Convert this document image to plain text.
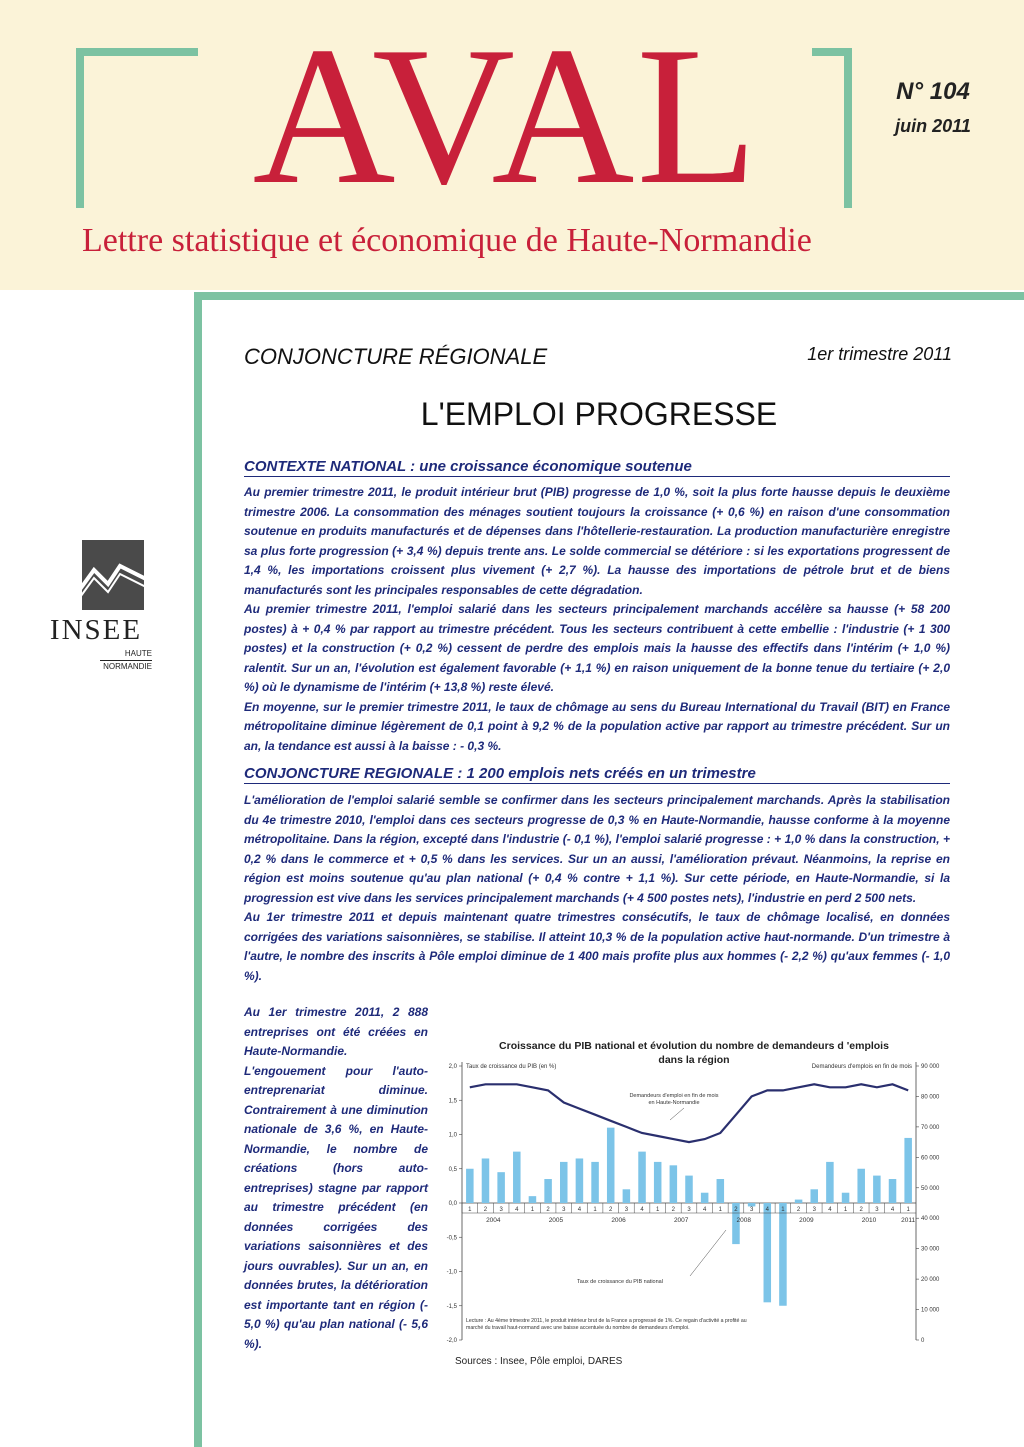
AVAL	N° 104
juin 2011
Lettre statistique et économique de Haute-Normandie
INSEE
HAUTE
NORMANDIE
CONJONCTURE RÉGIONALE	1er trimestre 2011
L'EMPLOI PROGRESSE
CONTEXTE NATIONAL : une croissance économique soutenue

Au premier trimestre 2011, le produit intérieur brut (PIB) progresse de 1,0 %, soit la plus forte hausse depuis le deuxième trimestre 2006. La consommation des ménages soutient toujours la croissance (+ 0,6 %) en raison d'une consommation soutenue en produits manufacturés et de dépenses dans l'hôtellerie-restauration. La production manufacturière enregistre sa plus forte progression (+ 3,4 %) depuis trente ans. Le solde commercial se détériore : si les exportations progressent de 1,4 %, les importations croissent plus vivement (+ 2,7 %). La hausse des importations de pétrole brut et de biens manufacturés sont les principales responsables de cette dégradation.

Au premier trimestre 2011, l'emploi salarié dans les secteurs principalement marchands accélère sa hausse (+ 58 200 postes) à + 0,4 % par rapport au trimestre précédent. Tous les secteurs contribuent à cette embellie : l'industrie (+ 1 300 postes) et la construction (+ 0,2 %) cessent de perdre des emplois mais la hausse des effectifs dans l'intérim (+ 1,0 %) ralentit. Sur un an, l'évolution est également favorable (+ 1,1 %) en raison uniquement de la bonne tenue du tertiaire (+ 2,0 %) où le dynamisme de l'intérim (+ 13,8 %) reste élevé.

En moyenne, sur le premier trimestre 2011, le taux de chômage au sens du Bureau International du Travail (BIT) en France métropolitaine diminue légèrement de 0,1 point à 9,2 % de la population active par rapport au trimestre précédent. Sur un an, la tendance est aussi à la baisse : - 0,3 %.

CONJONCTURE REGIONALE : 1 200 emplois nets créés en un trimestre

L'amélioration de l'emploi salarié semble se confirmer dans les secteurs principalement marchands. Après la stabilisation du 4e trimestre 2010, l'emploi dans ces secteurs progresse de 0,3 % en Haute-Normandie, hausse conforme à la moyenne métropolitaine. Dans la région, excepté dans l'industrie (- 0,1 %), l'emploi salarié progresse : + 1,0 % dans la construction, + 0,2 % dans le commerce et + 0,5 % dans les services. Sur un an aussi, l'amélioration prévaut. Néanmoins, la reprise en région est moins soutenue qu'au plan national (+ 0,4 % contre + 1,1 %). Sur cette période, en Haute-Normandie, si la progression est vive dans les services principalement marchands (+ 4 500 postes nets), l'industrie en perd 2 500 nets.

Au 1er trimestre 2011 et depuis maintenant quatre trimestres consécutifs, le taux de chômage localisé, en données corrigées des variations saisonnières, se stabilise. Il atteint 10,3 % de la population active haut-normande. D'un trimestre à l'autre, le nombre des inscrits à Pôle emploi diminue de 1 400 mais profite plus aux hommes (- 2,2 %) qu'aux femmes (- 1,0 %).

Au 1er trimestre 2011, 2 888 entreprises ont été créées en Haute-Normandie. L'engouement pour l'auto-entreprenariat diminue. Contrairement à une diminution nationale de 3,6 %, en Haute-Normandie, le nombre de créations (hors auto-entreprises) stagne par rapport au trimestre précédent (en données corrigées des variations saisonnières et des jours ouvrables). Sur un an, en données brutes, la détérioration est importante tant en région (- 5,0 %) qu'au plan national (- 5,6 %).

Croissance du PIB national et évolution du nombre de demandeurs d 'emplois
dans la région
Taux de croissance du PIB (en %)	Demandeurs d'emplois en fin de mois
2,0
1,5
1,0
0,5
0,0
-0,5
-1,0
-1,5
-2,0
90 000
80 000
70 000
60 000
50 000
40 000
30 000
20 000
10 000
0
1 2 3 4 1 2 3 4 1 2 3 4 1 2 3 4 1 2 3 4 1 2 3 4 1 2 3 4 1
2004	2005	2006	2007	2008	2009	2010	2011
Demandeurs d'emploi en fin de mois
en Haute-Normandie
Taux de croissance du PIB national
Lecture : Au 4ème trimestre 2011, le produit intérieur brut de la France a progressé de 1%. Ce regain d'activité a profité au
marché du travail haut-normand avec une baisse accentuée du nombre de demandeurs d'emploi.
Sources : Insee, Pôle emploi, DARES
